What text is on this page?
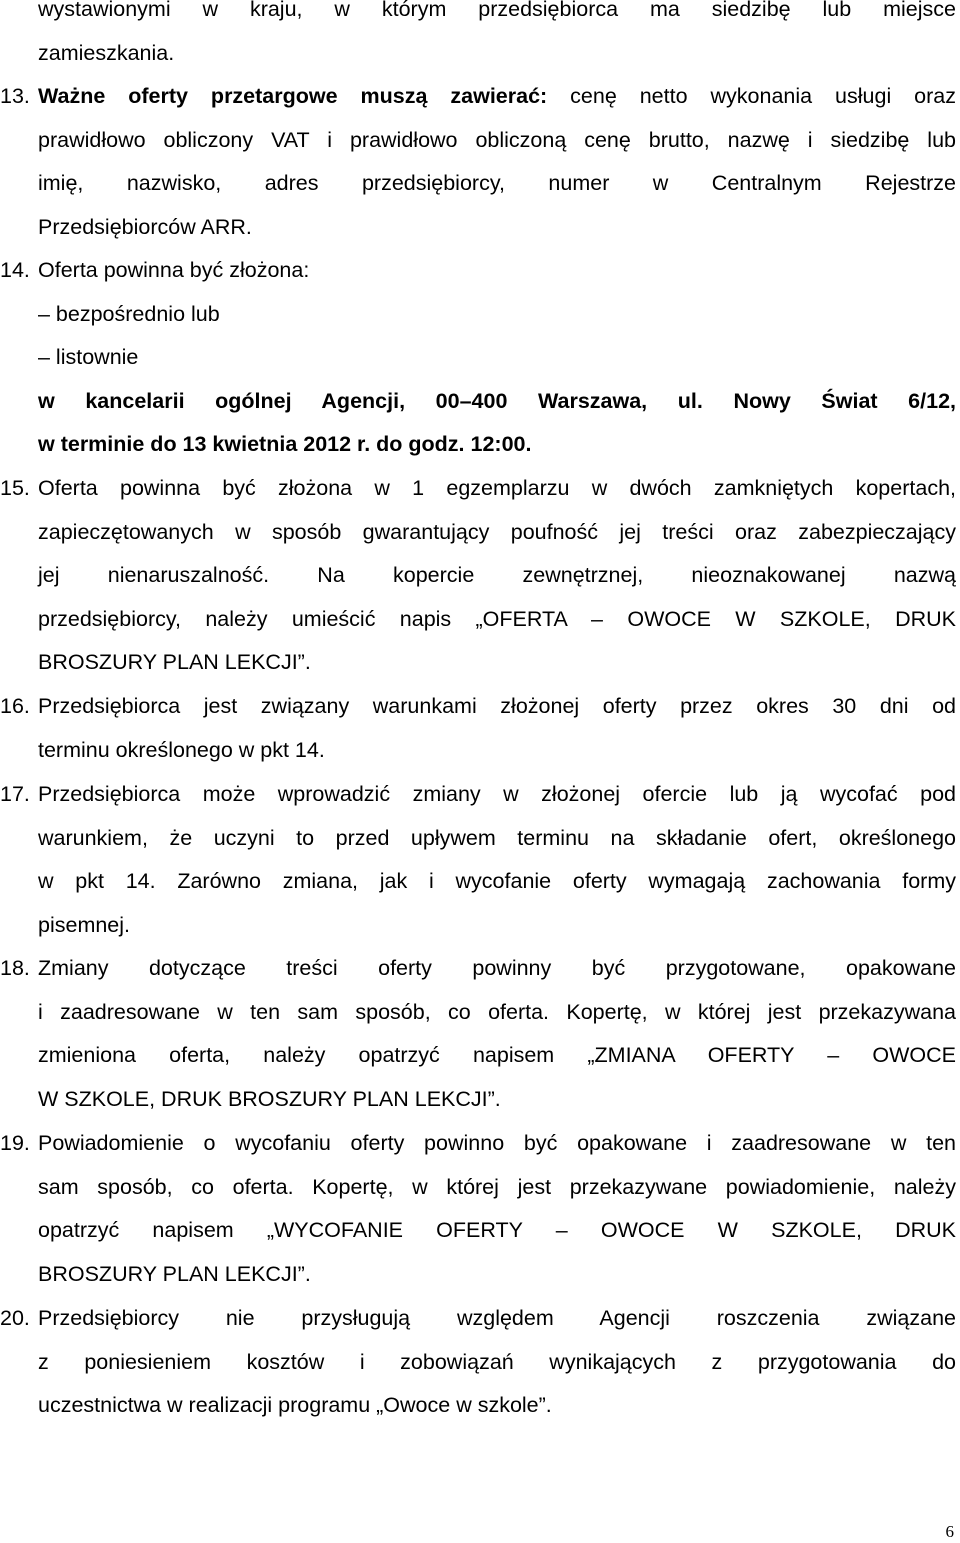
wystawionymi w kraju, w którym przedsiębiorca ma siedzibę lub miejsce
zamieszkania.
13. Ważne oferty przetargowe muszą zawierać: cenę netto wykonania usługi oraz
prawidłowo obliczony VAT i prawidłowo obliczoną cenę brutto, nazwę i siedzibę lub
imię, nazwisko, adres przedsiębiorcy, numer w Centralnym Rejestrze
Przedsiębiorców ARR.
14. Oferta powinna być złożona:
– bezpośrednio lub
– listownie
w kancelarii ogólnej Agencji, 00–400 Warszawa, ul. Nowy Świat 6/12,
w terminie do 13 kwietnia 2012 r. do godz. 12:00.
15. Oferta powinna być złożona w 1 egzemplarzu w dwóch zamkniętych kopertach,
zapieczętowanych w sposób gwarantujący poufność jej treści oraz zabezpieczający
jej nienaruszalność. Na kopercie zewnętrznej, nieoznakowanej nazwą
przedsiębiorcy, należy umieścić napis „OFERTA – OWOCE W SZKOLE, DRUK
BROSZURY PLAN LEKCJI”.
16. Przedsiębiorca jest związany warunkami złożonej oferty przez okres 30 dni od
terminu określonego w pkt 14.
17. Przedsiębiorca może wprowadzić zmiany w złożonej ofercie lub ją wycofać pod
warunkiem, że uczyni to przed upływem terminu na składanie ofert, określonego
w pkt 14. Zarówno zmiana, jak i wycofanie oferty wymagają zachowania formy
pisemnej.
18. Zmiany dotyczące treści oferty powinny być przygotowane, opakowane
i zaadresowane w ten sam sposób, co oferta. Kopertę, w której jest przekazywana
zmieniona oferta, należy opatrzyć napisem „ZMIANA OFERTY – OWOCE
W SZKOLE, DRUK BROSZURY PLAN LEKCJI”.
19. Powiadomienie o wycofaniu oferty powinno być opakowane i zaadresowane w ten
sam sposób, co oferta. Kopertę, w której jest przekazywane powiadomienie, należy
opatrzyć napisem „WYCOFANIE OFERTY – OWOCE W SZKOLE, DRUK
BROSZURY PLAN LEKCJI”.
20. Przedsiębiorcy nie przysługują względem Agencji roszczenia związane
z poniesieniem kosztów i zobowiązań wynikających z przygotowania do
uczestnictwa w realizacji programu „Owoce w szkole”.
6
